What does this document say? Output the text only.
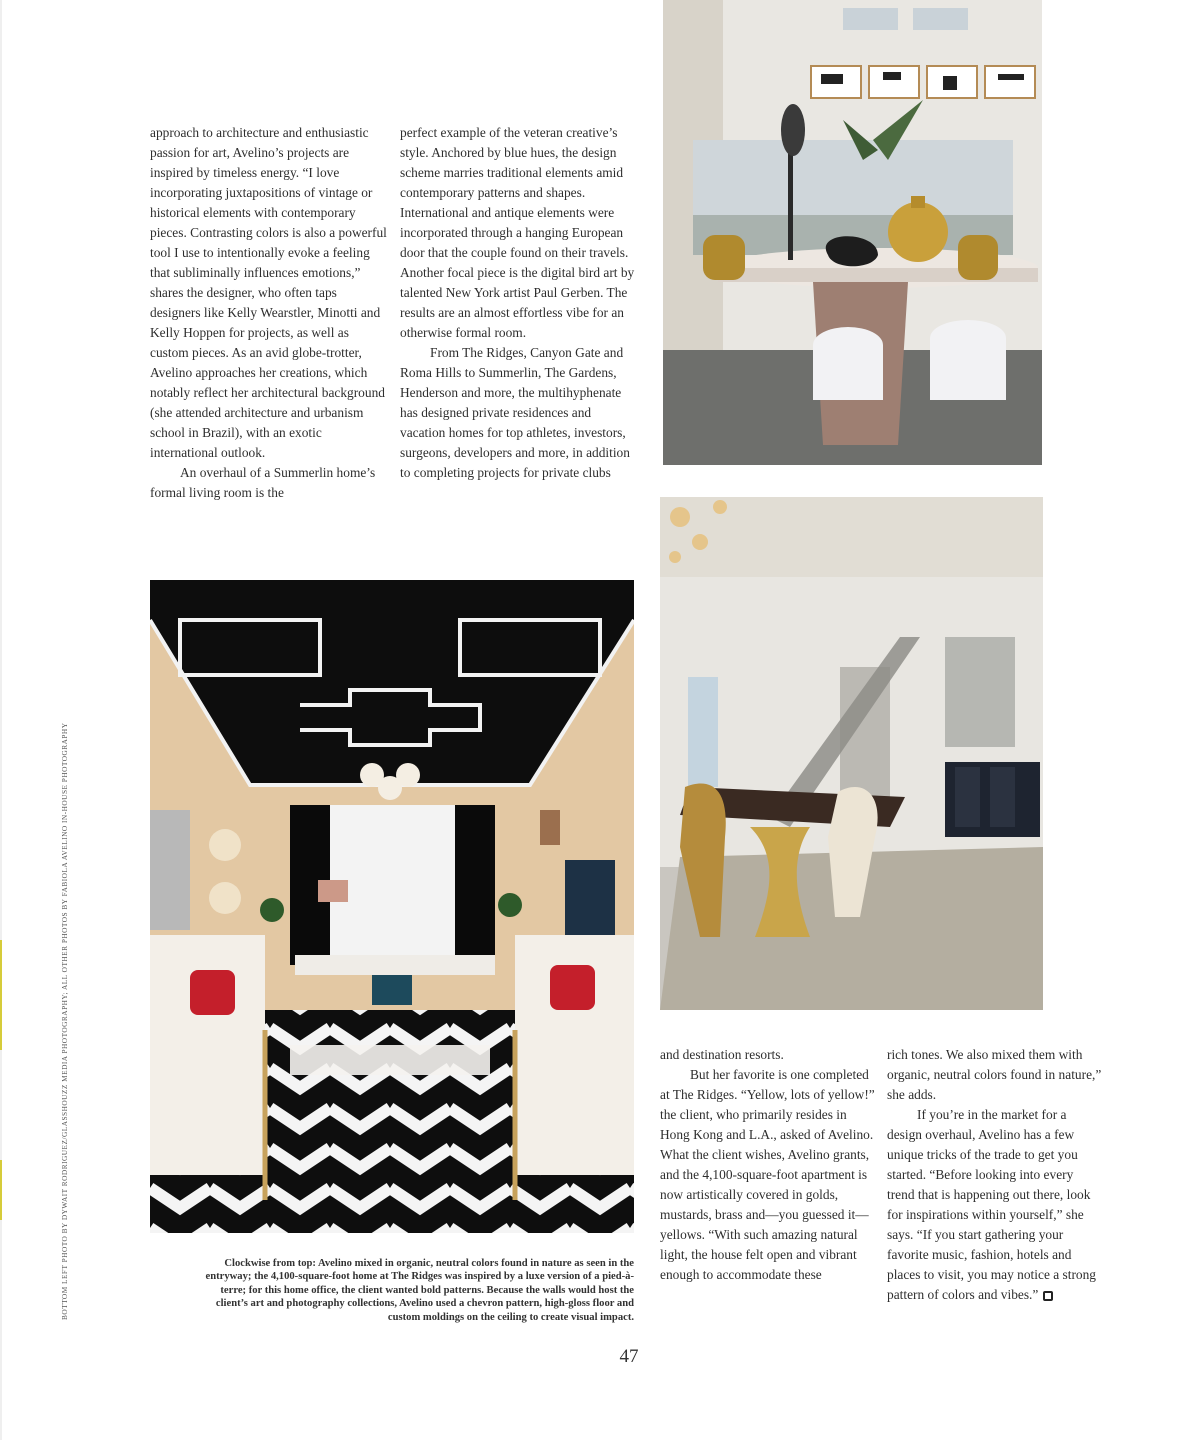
approach to architecture and enthusiastic passion for art, Avelino’s projects are inspired by timeless energy. “I love incorporating juxtapositions of vintage or historical elements with contemporary pieces. Contrasting colors is also a powerful tool I use to intentionally evoke a feeling that subliminally influences emotions,” shares the designer, who often taps designers like Kelly Wearstler, Minotti and Kelly Hoppen for projects, as well as custom pieces. As an avid globe-trotter, Avelino approaches her creations, which notably reflect her architectural background (she attended architecture and urbanism school in Brazil), with an exotic international outlook.

An overhaul of a Summerlin home’s formal living room is the

perfect example of the veteran creative’s style. Anchored by blue hues, the design scheme marries traditional elements amid contemporary patterns and shapes. International and antique elements were incorporated through a hanging European door that the couple found on their travels. Another focal piece is the digital bird art by talented New York artist Paul Gerben. The results are an almost effortless vibe for an otherwise formal room.

From The Ridges, Canyon Gate and Roma Hills to Summerlin, The Gardens, Henderson and more, the multihyphenate has designed private residences and vacation homes for top athletes, investors, surgeons, developers and more, in addition to completing projects for private clubs

and destination resorts.

But her favorite is one completed at The Ridges. “Yellow, lots of yellow!” the client, who primarily resides in Hong Kong and L.A., asked of Avelino. What the client wishes, Avelino grants, and the 4,100-square-foot apartment is now artistically covered in golds, mustards, brass and—you guessed it—yellows. “With such amazing natural light, the house felt open and vibrant enough to accommodate these

rich tones. We also mixed them with organic, neutral colors found in nature,” she adds.

If you’re in the market for a design overhaul, Avelino has a few unique tricks of the trade to get you started. “Before looking into every trend that is happening out there, look for inspirations within yourself,” she says. “If you start gathering your favorite music, fashion, hotels and places to visit, you may notice a strong pattern of colors and vibes.”

Clockwise from top: Avelino mixed in organic, neutral colors found in nature as seen in the entryway; the 4,100-square-foot home at The Ridges was inspired by a luxe version of a pied-à-terre; for this home office, the client wanted bold patterns. Because the walls would host the client’s art and photography collections, Avelino used a chevron pattern, high-gloss floor and custom moldings on the ceiling to create visual impact.
BOTTOM LEFT PHOTO BY DYWAIT RODRIGUEZ/GLASSHOUZZ MEDIA PHOTOGRAPHY; ALL OTHER PHOTOS BY FABIOLA AVELINO IN-HOUSE PHOTOGRAPHY
47
